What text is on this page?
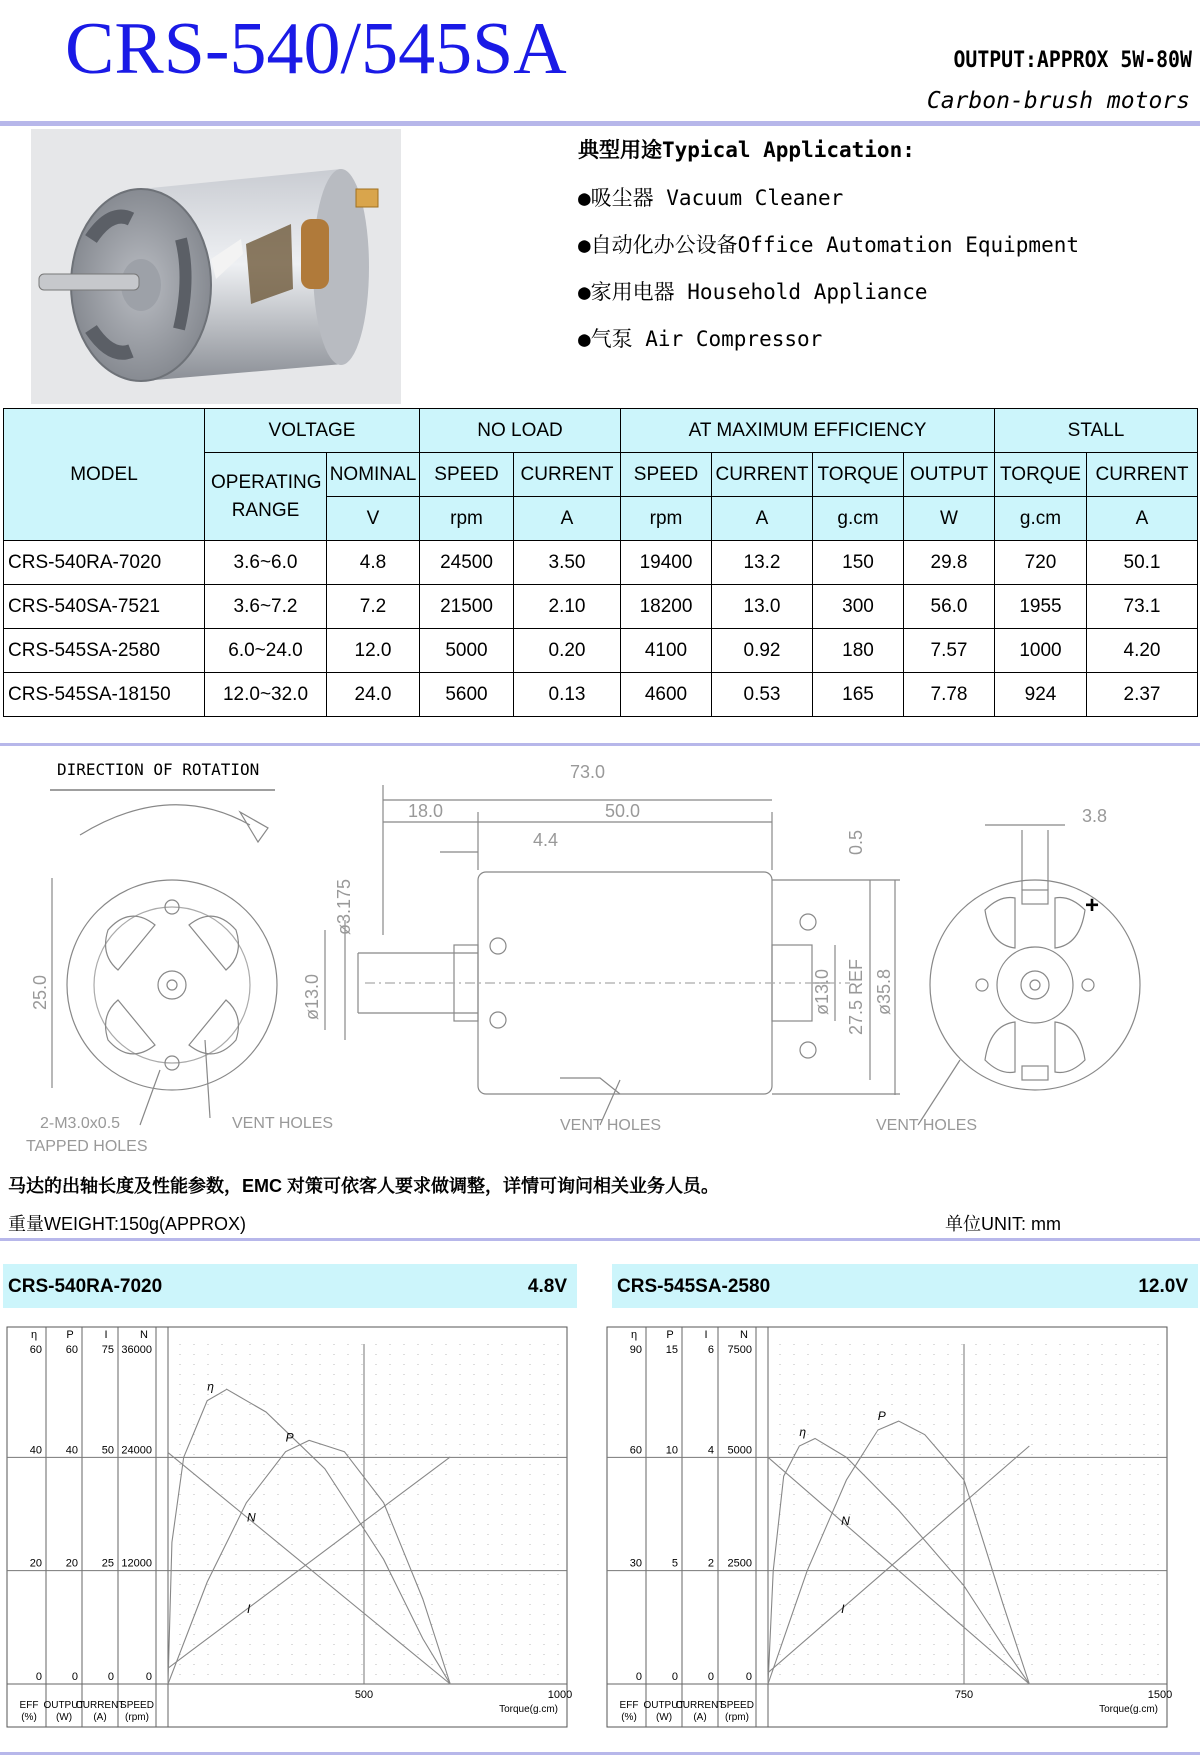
CRS-540/545SA	OUTPUT:APPROX 5W-80W
Carbon-brush motors
典型用途Typical Application:
●吸尘器 Vacuum Cleaner
●自动化办公设备Office Automation Equipment
●家用电器 Household Appliance
●气泵 Air Compressor
MODEL	VOLTAGE		NO LOAD		AT MAXIMUM EFFICIENCY				STALL	
	OPERATING RANGE	NOMINAL	SPEED	CURRENT	SPEED	CURRENT	TORQUE	OUTPUT	TORQUE	CURRENT
		V	rpm	A	rpm	A	g.cm	W	g.cm	A
CRS-540RA-7020	3.6~6.0	4.8	24500	3.50	19400	13.2	150	29.8	720	50.1
CRS-540SA-7521	3.6~7.2	7.2	21500	2.10	18200	13.0	300	56.0	1955	73.1
CRS-545SA-2580	6.0~24.0	12.0	5000	0.20	4100	0.92	180	7.57	1000	4.20
CRS-545SA-18150	12.0~32.0	24.0	5600	0.13	4600	0.53	165	7.78	924	2.37
+
DIRECTION OF ROTATION	73.0
18.0	50.0
4.4	0.5
3.8
ø3.175
ø13.0
25.0	ø13.0 27.5 REF ø35.8
VENT HOLES	VENT HOLES	VENT HOLES
2-M3.0x0.5
TAPPED HOLES
马达的出轴长度及性能参数，EMC 对策可依客人要求做调整，详情可询问相关业务人员。
重量WEIGHT:150g(APPROX)	单位UNIT: mm
CRS-540RA-7020	4.8V	CRS-545SA-2580	12.0V
η
0
20
40
60
EFF
(%)
P
0
20
40
60
OUTPUT
(W)
I
0
25
50
75
CURRENT
(A)
N
0
12000
24000
36000
SPEED
(rpm)
500	1000
Torque(g.cm)
η
P
I
N
η
0
30
60
90
EFF
(%)
P
0
5
10
15
OUTPUT
(W)
I
0
2
4
6
CURRENT
(A)
N
0
2500
5000
7500
SPEED
(rpm)
750	1500
Torque(g.cm)
η
P
I
N
